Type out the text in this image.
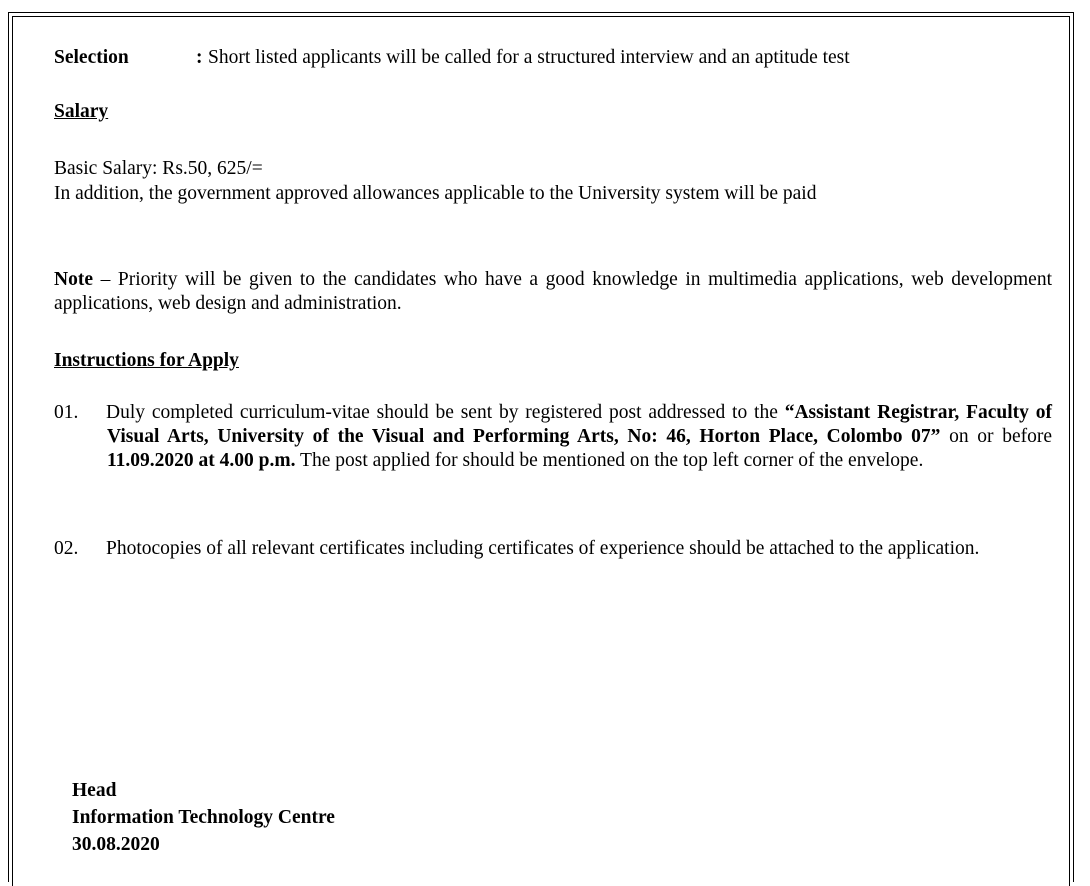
Selection	: Short listed applicants will be called for a structured interview and an aptitude test
Salary
Basic Salary: Rs.50, 625/=
In addition, the government approved allowances applicable to the University system will be paid
Note – Priority will be given to the candidates who have a good knowledge in multimedia applications, web development applications, web design and administration.
Instructions for Apply
01. Duly completed curriculum-vitae should be sent by registered post addressed to the “Assistant Registrar, Faculty of Visual Arts, University of the Visual and Performing Arts, No: 46, Horton Place, Colombo 07” on or before 11.09.2020 at 4.00 p.m. The post applied for should be mentioned on the top left corner of the envelope.
02. Photocopies of all relevant certificates including certificates of experience should be attached to the application.
Head
Information Technology Centre
30.08.2020
